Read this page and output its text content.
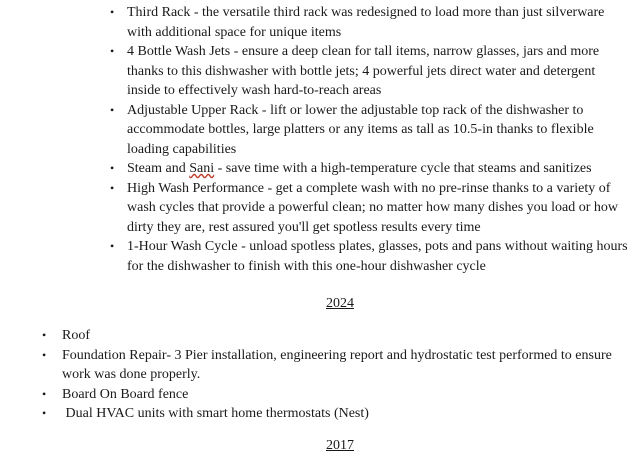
• Third Rack - the versatile third rack was redesigned to load more than just silverware with additional space for unique items
• 4 Bottle Wash Jets - ensure a deep clean for tall items, narrow glasses, jars and more thanks to this dishwasher with bottle jets; 4 powerful jets direct water and detergent inside to effectively wash hard-to-reach areas
• Adjustable Upper Rack - lift or lower the adjustable top rack of the dishwasher to accommodate bottles, large platters or any items as tall as 10.5-in thanks to flexible loading capabilities
• Steam and Sani - save time with a high-temperature cycle that steams and sanitizes
• High Wash Performance - get a complete wash with no pre-rinse thanks to a variety of wash cycles that provide a powerful clean; no matter how many dishes you load or how dirty they are, rest assured you'll get spotless results every time
• 1-Hour Wash Cycle - unload spotless plates, glasses, pots and pans without waiting hours for the dishwasher to finish with this one-hour dishwasher cycle
2024
• Roof
• Foundation Repair- 3 Pier installation, engineering report and hydrostatic test performed to ensure work was done properly.
• Board On Board fence
• Dual HVAC units with smart home thermostats (Nest)
2017
